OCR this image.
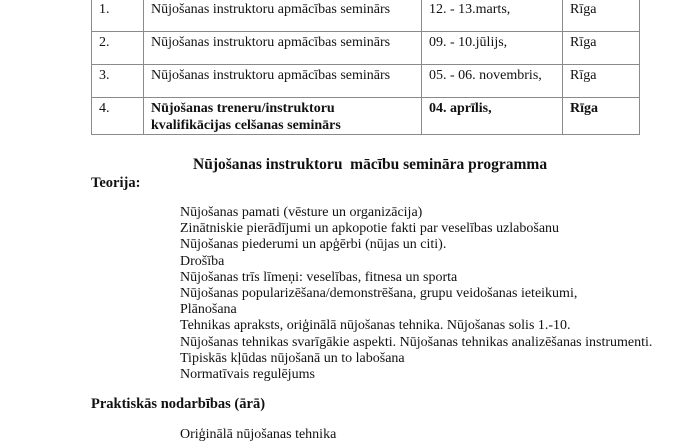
1.	Nūjošanas instruktoru apmācības seminārs	12. - 13.marts,	Rīga
2.	Nūjošanas instruktoru apmācības seminārs	09. - 10.jūlijs,	Rīga
3.	Nūjošanas instruktoru apmācības seminārs	05. - 06. novembris,	Rīga
4.	Nūjošanas treneru/instruktoru
kvalifikācijas celšanas seminārs	04. aprīlis,	Rīga
Nūjošanas instruktoru  mācību semināra programma
Teorija:
Nūjošanas pamati (vēsture un organizācija)
Zinātniskie pierādījumi un apkopotie fakti par veselības uzlabošanu
Nūjošanas piederumi un apģērbi (nūjas un citi).
Drošība
Nūjošanas trīs līmeņi: veselības, fitnesa un sporta
Nūjošanas popularizēšana/demonstrēšana, grupu veidošanas ieteikumi,
Plānošana
Tehnikas apraksts, oriģinālā nūjošanas tehnika. Nūjošanas solis 1.-10.
Nūjošanas tehnikas svarīgākie aspekti. Nūjošanas tehnikas analizēšanas instrumenti.
Tipiskās kļūdas nūjošanā un to labošana
Normatīvais regulējums
Praktiskās nodarbības (ārā)
Oriģinālā nūjošanas tehnika
